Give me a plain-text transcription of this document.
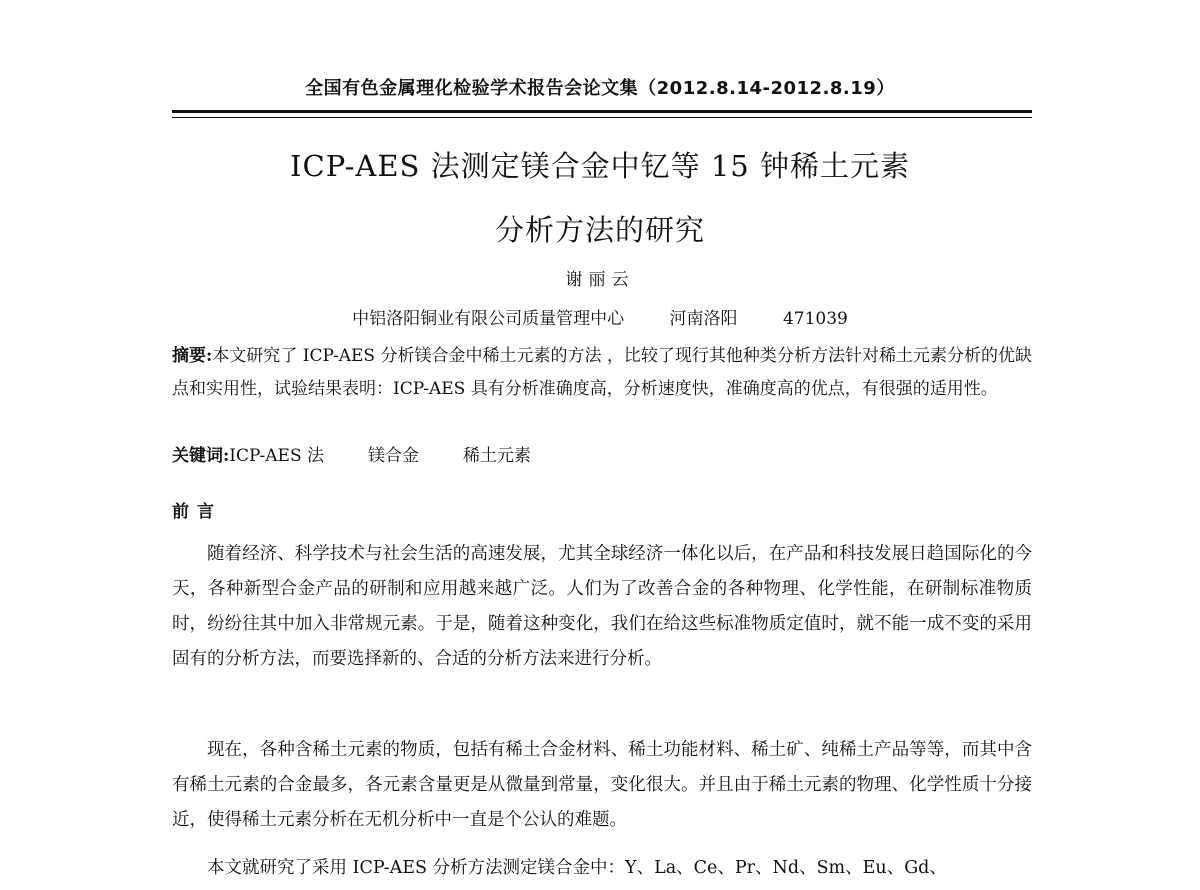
全国有色金属理化检验学术报告会论文集（2012.8.14-2012.8.19）
ICP-AES 法测定镁合金中钇等 15 钟稀土元素
分析方法的研究
谢丽云
中铝洛阳铜业有限公司质量管理中心	河南洛阳	471039
摘要:本文研究了 ICP-AES 分析镁合金中稀土元素的方法 ，比较了现行其他种类分析方法针对稀土元素分析的优缺点和实用性，试验结果表明：ICP-AES 具有分析准确度高，分析速度快，准确度高的优点，有很强的适用性。
关键词:ICP-AES 法	镁合金	稀土元素
前言
随着经济、科学技术与社会生活的高速发展，尤其全球经济一体化以后，在产品和科技发展日趋国际化的今天，各种新型合金产品的研制和应用越来越广泛。人们为了改善合金的各种物理、化学性能，在研制标准物质时，纷纷往其中加入非常规元素。于是，随着这种变化，我们在给这些标准物质定值时，就不能一成不变的采用固有的分析方法，而要选择新的、合适的分析方法来进行分析。
现在，各种含稀土元素的物质，包括有稀土合金材料、稀土功能材料、稀土矿、纯稀土产品等等，而其中含有稀土元素的合金最多，各元素含量更是从微量到常量，变化很大。并且由于稀土元素的物理、化学性质十分接近，使得稀土元素分析在无机分析中一直是个公认的难题。
本文就研究了采用 ICP-AES 分析方法测定镁合金中：Y、La、Ce、Pr、Nd、Sm、Eu、Gd、
